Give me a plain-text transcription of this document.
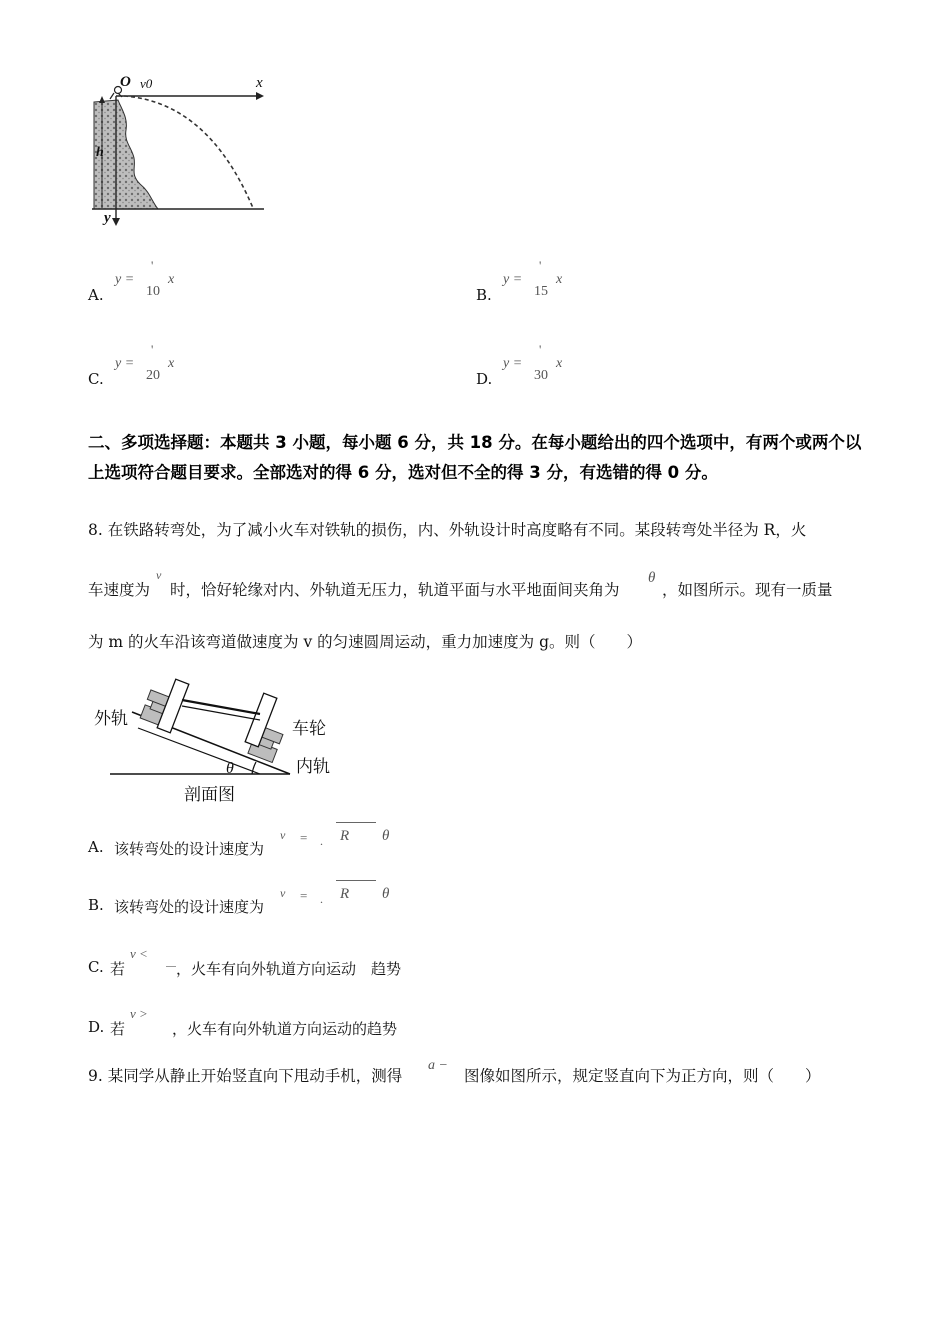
O v0	x
y
h
A.
y =
'
10
x
B.
y =
'
15
x
C.
y =
'
20
x
D.
y =
'
30
x
二、多项选择题：本题共 3 小题，每小题 6 分，共 18 分。在每小题给出的四个选项中，有两个或两个以上选项符合题目要求。全部选对的得 6 分，选对但不全的得 3 分，有选错的得 0 分。
8. 在铁路转弯处，为了减小火车对铁轨的损伤，内、外轨设计时高度略有不同。某段转弯处半径为 R，火
车速度为
v
时，恰好轮缘对内、外轨道无压力，轨道平面与水平地面间夹角为
θ
，如图所示。现有一质量
为 m 的火车沿该弯道做速度为 v 的匀速圆周运动，重力加速度为 g。则（　　）
外轨
车轮
内轨
θ
剖面图
A. 该转弯处的设计速度为
v = . R θ
B. 该转弯处的设计速度为
v = . R θ
C. 若
v <
，火车有向外轨道方向运动　趋势
D. 若
v >
，火车有向外轨道方向运动的趋势
9. 某同学从静止开始竖直向下甩动手机，测得
a −
图像如图所示，规定竖直向下为正方向，则（　　）
